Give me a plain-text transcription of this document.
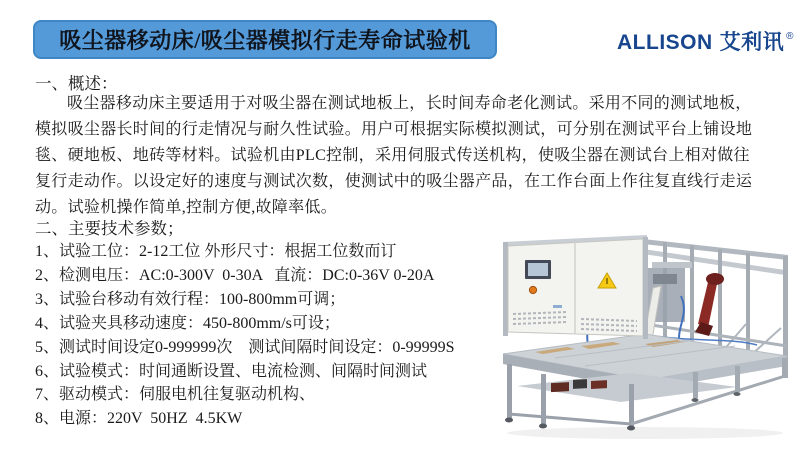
吸尘器移动床/吸尘器模拟行走寿命试验机	ALLISON 艾利讯 ®
一、概述：
吸尘器移动床主要适用于对吸尘器在测试地板上，长时间寿命老化测试。采用不同的测试地板，
模拟吸尘器长时间的行走情况与耐久性试验。用户可根据实际模拟测试，可分别在测试平台上铺设地
毯、硬地板、地砖等材料。试验机由PLC控制，采用伺服式传送机构，使吸尘器在测试台上相对做往
复行走动作。以设定好的速度与测试次数，使测试中的吸尘器产品，在工作台面上作往复直线行走运
动。试验机操作简单,控制方便,故障率低。
二、主要技术参数；
1、试验工位：2-12工位 外形尺寸：根据工位数而订
2、检测电压：AC:0-300V  0-30A   直流：DC:0-36V 0-20A
3、试验台移动有效行程：100-800mm可调；
4、试验夹具移动速度：450-800mm/s可设；
5、测试时间设定0-999999次    测试间隔时间设定：0-99999S
6、试验模式：时间通断设置、电流检测、间隔时间测试
7、驱动模式：伺服电机往复驱动机构、
8、电源：220V  50HZ  4.5KW
